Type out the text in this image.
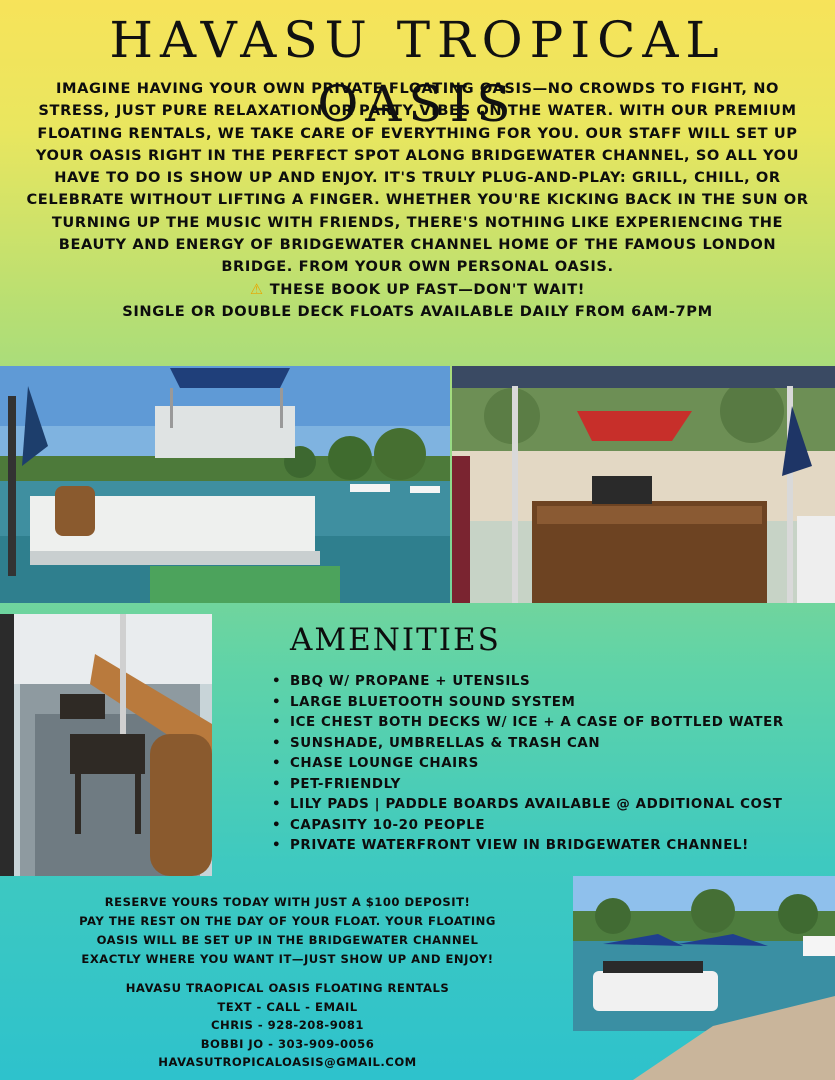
HAVASU TROPICAL OASIS
IMAGINE HAVING YOUR OWN PRIVATE FLOATING OASIS—NO CROWDS TO FIGHT, NO STRESS, JUST PURE RELAXATION OR PARTY VIBES ON THE WATER. WITH OUR PREMIUM FLOATING RENTALS, WE TAKE CARE OF EVERYTHING FOR YOU. OUR STAFF WILL SET UP YOUR OASIS RIGHT IN THE PERFECT SPOT ALONG BRIDGEWATER CHANNEL, SO ALL YOU HAVE TO DO IS SHOW UP AND ENJOY. IT'S TRULY PLUG-AND-PLAY: GRILL, CHILL, OR CELEBRATE WITHOUT LIFTING A FINGER. WHETHER YOU'RE KICKING BACK IN THE SUN OR TURNING UP THE MUSIC WITH FRIENDS, THERE'S NOTHING LIKE EXPERIENCING THE BEAUTY AND ENERGY OF BRIDGEWATER CHANNEL HOME OF THE FAMOUS LONDON BRIDGE. FROM YOUR OWN PERSONAL OASIS.
⚠ THESE BOOK UP FAST—DON'T WAIT!
SINGLE OR DOUBLE DECK FLOATS AVAILABLE DAILY FROM 6AM-7PM
AMENITIES
• BBQ W/ PROPANE + UTENSILS
• LARGE BLUETOOTH SOUND SYSTEM
• ICE CHEST BOTH DECKS W/ ICE + A CASE OF BOTTLED WATER
• SUNSHADE, UMBRELLAS & TRASH CAN
• CHASE LOUNGE CHAIRS
• PET-FRIENDLY
• LILY PADS | PADDLE BOARDS AVAILABLE @ ADDITIONAL COST
• CAPASITY 10-20 PEOPLE
• PRIVATE WATERFRONT VIEW IN BRIDGEWATER CHANNEL!
RESERVE YOURS TODAY WITH JUST A $100 DEPOSIT!
PAY THE REST ON THE DAY OF YOUR FLOAT. YOUR FLOATING
OASIS WILL BE SET UP IN THE BRIDGEWATER CHANNEL
EXACTLY WHERE YOU WANT IT—JUST SHOW UP AND ENJOY!
HAVASU TRAOPICAL OASIS FLOATING RENTALS
TEXT - CALL - EMAIL
CHRIS - 928-208-9081
BOBBI JO - 303-909-0056
HAVASUTROPICALOASIS@GMAIL.COM
